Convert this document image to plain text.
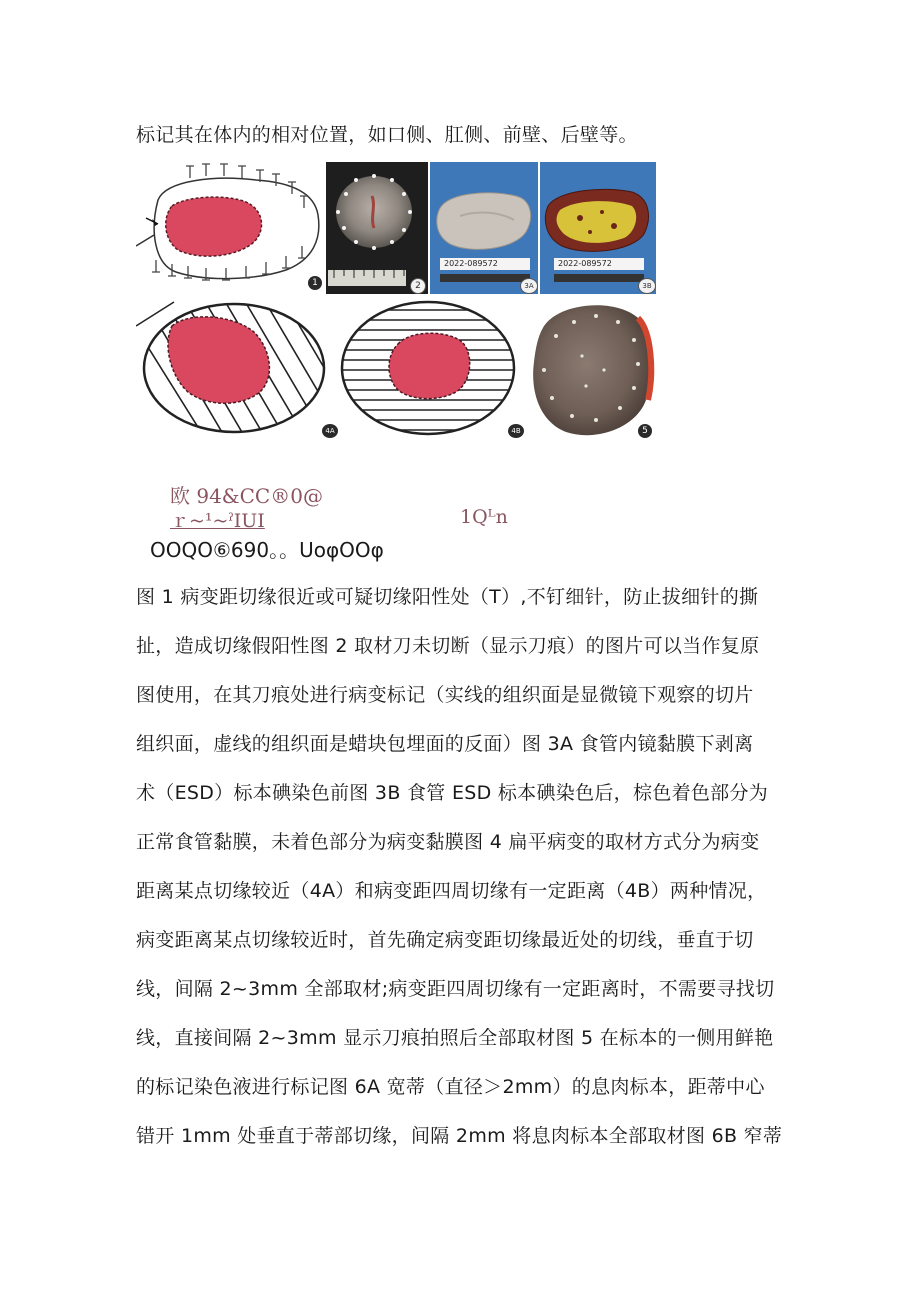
标记其在体内的相对位置，如口侧、肛侧、前壁、后壁等。
1	2
2022-089572
3A
2022-089572
3B
4A	4B	5
欧 94&CC®0@
ｒ~¹~ˀIUI	1Qᴸn
OOQO⑥690。。UoφOOφ
图 1 病变距切缘很近或可疑切缘阳性处（T）,不钉细针，防止拔细针的撕
扯，造成切缘假阳性图 2 取材刀未切断（显示刀痕）的图片可以当作复原
图使用，在其刀痕处进行病变标记（实线的组织面是显微镜下观察的切片
组织面，虚线的组织面是蜡块包埋面的反面）图 3A 食管内镜黏膜下剥离
术（ESD）标本碘染色前图 3B 食管 ESD 标本碘染色后，棕色着色部分为
正常食管黏膜，未着色部分为病变黏膜图 4 扁平病变的取材方式分为病变
距离某点切缘较近（4A）和病变距四周切缘有一定距离（4B）两种情况，
病变距离某点切缘较近时，首先确定病变距切缘最近处的切线，垂直于切
线，间隔 2~3mm 全部取材;病变距四周切缘有一定距离时，不需要寻找切
线，直接间隔 2~3mm 显示刀痕拍照后全部取材图 5 在标本的一侧用鲜艳
的标记染色液进行标记图 6A 宽蒂（直径＞2mm）的息肉标本，距蒂中心
错开 1mm 处垂直于蒂部切缘，间隔 2mm 将息肉标本全部取材图 6B 窄蒂
